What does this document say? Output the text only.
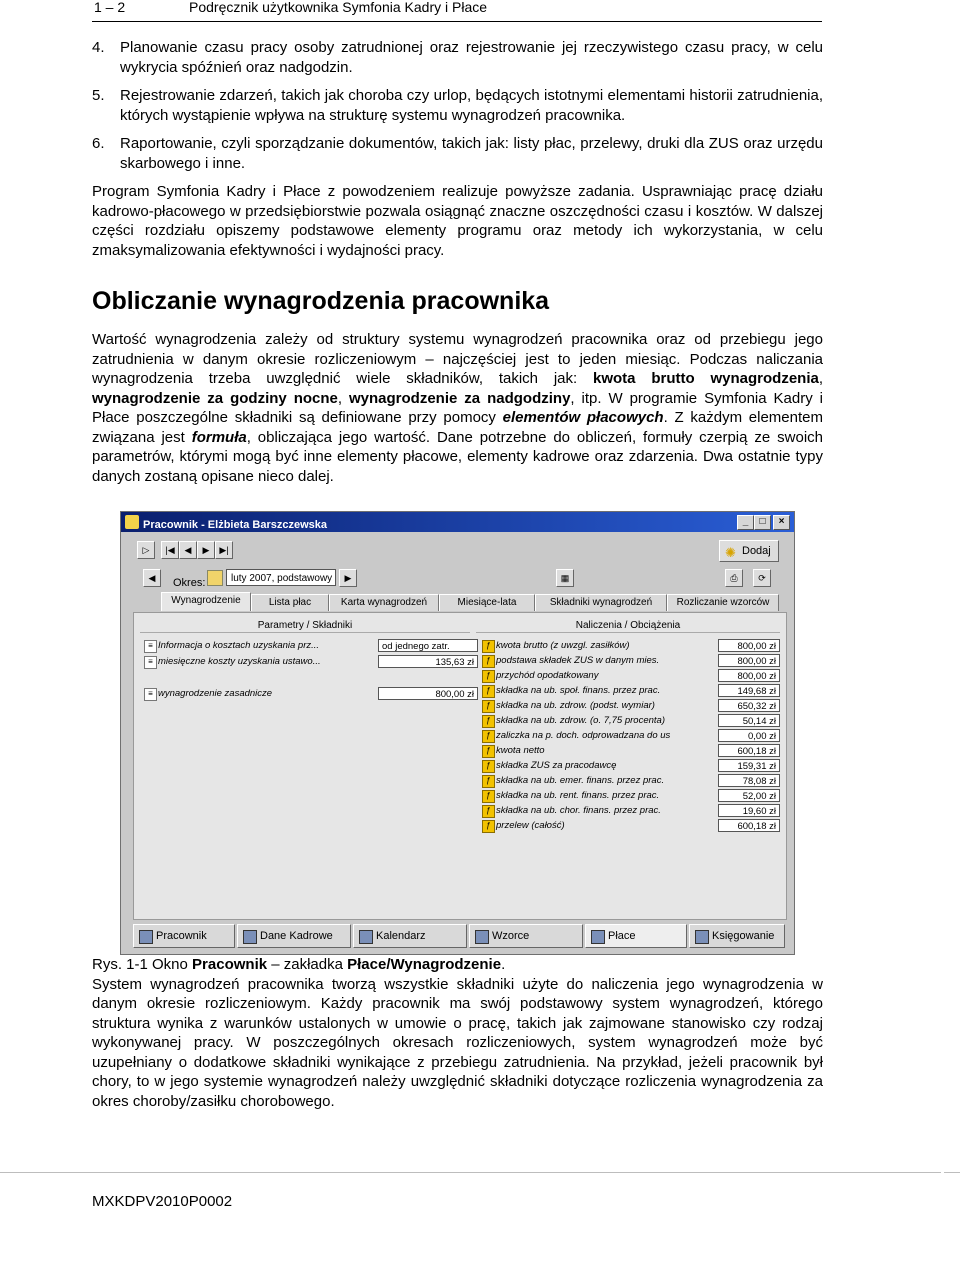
1 – 2	Podręcznik użytkownika Symfonia Kadry i Płace
4. Planowanie czasu pracy osoby zatrudnionej oraz rejestrowanie jej rzeczywistego czasu pracy, w celu wykrycia spóźnień oraz nadgodzin.
5. Rejestrowanie zdarzeń, takich jak choroba czy urlop, będących istotnymi elementami historii zatrudnienia, których wystąpienie wpływa na strukturę systemu wynagrodzeń pracownika.
6. Raportowanie, czyli sporządzanie dokumentów, takich jak: listy płac, przelewy, druki dla ZUS oraz urzędu skarbowego i inne.

Program Symfonia Kadry i Płace z powodzeniem realizuje powyższe zadania. Usprawniając pracę działu kadrowo-płacowego w przedsiębiorstwie pozwala osiągnąć znaczne oszczędności czasu i kosztów. W dalszej części rozdziału opiszemy podstawowe elementy programu oraz metody ich wykorzystania, w celu zmaksymalizowania efektywności i wydajności pracy.

Obliczanie wynagrodzenia pracownika

Wartość wynagrodzenia zależy od struktury systemu wynagrodzeń pracownika oraz od przebiegu jego zatrudnienia w danym okresie rozliczeniowym – najczęściej jest to jeden miesiąc. Podczas naliczania wynagrodzenia trzeba uwzględnić wiele składników, takich jak: kwota brutto wynagrodzenia, wynagrodzenie za godziny nocne, wynagrodzenie za nadgodziny, itp. W programie Symfonia Kadry i Płace poszczególne składniki są definiowane przy pomocy elementów płacowych. Z każdym elementem związana jest formuła, obliczająca jego wartość. Dane potrzebne do obliczeń, formuły czerpią ze swoich parametrów, którymi mogą być inne elementy płacowe, elementy kadrowe oraz zdarzenia. Dwa ostatnie typy danych zostaną opisane nieco dalej.

Pracownik - Elżbieta Barszczewska	_	□	×
▷	|◀	◀	▶	▶|	✺ Dodaj
◀	Okres:	luty 2007, podstawowy	▶	▦	⎙	⟳
Wynagrodzenie	Lista płac	Karta wynagrodzeń	Miesiące-lata	Składniki wynagrodzeń	Rozliczanie wzorców
Parametry / Składniki	Naliczenia / Obciążenia
≡ Informacja o kosztach uzyskania prz...	od jednego zatr.
≡ miesięczne koszty uzyskania ustawo...	135,63 zł
≡ wynagrodzenie zasadnicze	800,00 zł
ƒ kwota brutto (z uwzgl. zasiłków)	800,00 zł
ƒ podstawa składek ZUS w danym mies.	800,00 zł
ƒ przychód opodatkowany	800,00 zł
ƒ składka na ub. społ. finans. przez prac.	149,68 zł
ƒ składka na ub. zdrow. (podst. wymiar)	650,32 zł
ƒ składka na ub. zdrow. (o. 7,75 procenta)	50,14 zł
ƒ zaliczka na p. doch. odprowadzana do us	0,00 zł
ƒ kwota netto	600,18 zł
ƒ składka ZUS za pracodawcę	159,31 zł
ƒ składka na ub. emer. finans. przez prac.	78,08 zł
ƒ składka na ub. rent. finans. przez prac.	52,00 zł
ƒ składka na ub. chor. finans. przez prac.	19,60 zł
ƒ przelew (całość)	600,18 zł
Pracownik	Dane Kadrowe	Kalendarz	Wzorce	Płace	Księgowanie

Rys. 1-1 Okno Pracownik – zakładka Płace/Wynagrodzenie.

System wynagrodzeń pracownika tworzą wszystkie składniki użyte do naliczenia jego wynagrodzenia w danym okresie rozliczeniowym. Każdy pracownik ma swój podstawowy system wynagrodzeń, którego struktura wynika z warunków ustalonych w umowie o pracę, takich jak zajmowane stanowisko czy rodzaj wykonywanej pracy. W poszczególnych okresach rozliczeniowych, system wynagrodzeń może być uzupełniany o dodatkowe składniki wynikające z przebiegu zatrudnienia. Na przykład, jeżeli pracownik był chory, to w jego systemie wynagrodzeń należy uwzględnić składniki dotyczące rozliczenia wynagrodzenia za okres choroby/zasiłku chorobowego.

MXKDPV2010P0002
